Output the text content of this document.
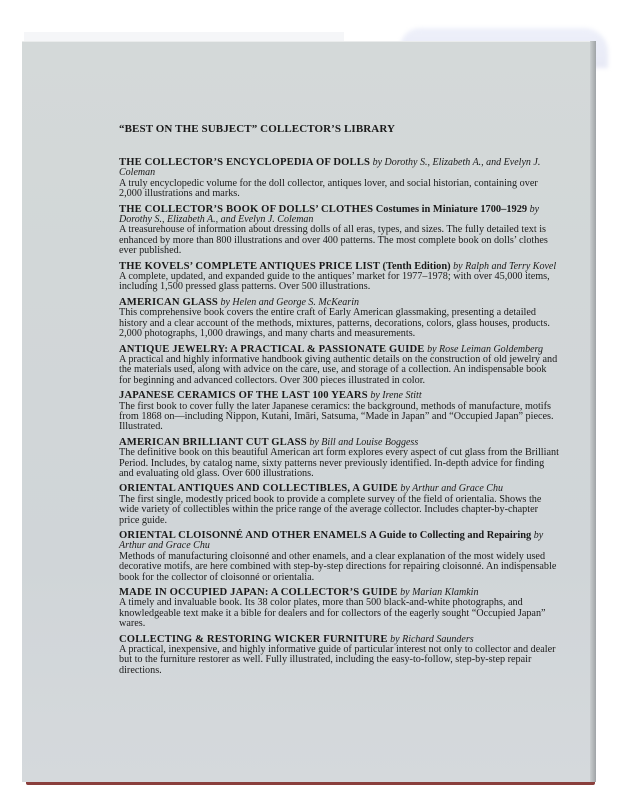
“BEST ON THE SUBJECT” COLLECTOR’S LIBRARY
THE COLLECTOR’S ENCYCLOPEDIA OF DOLLS by Dorothy S., Elizabeth A., and Evelyn J. Coleman
A truly encyclopedic volume for the doll collector, antiques lover, and social historian, containing over 2,000 illustrations and marks.
THE COLLECTOR’S BOOK OF DOLLS’ CLOTHES Costumes in Miniature 1700–1929 by Dorothy S., Elizabeth A., and Evelyn J. Coleman
A treasurehouse of information about dressing dolls of all eras, types, and sizes. The fully detailed text is enhanced by more than 800 illustrations and over 400 patterns. The most complete book on dolls’ clothes ever published.
THE KOVELS’ COMPLETE ANTIQUES PRICE LIST (Tenth Edition) by Ralph and Terry Kovel
A complete, updated, and expanded guide to the antiques’ market for 1977–1978; with over 45,000 items, including 1,500 pressed glass patterns. Over 500 illustrations.
AMERICAN GLASS by Helen and George S. McKearin
This comprehensive book covers the entire craft of Early American glassmaking, presenting a detailed history and a clear account of the methods, mixtures, patterns, decorations, colors, glass houses, products. 2,000 photographs, 1,000 drawings, and many charts and measurements.
ANTIQUE JEWELRY: A PRACTICAL & PASSIONATE GUIDE by Rose Leiman Goldemberg
A practical and highly informative handbook giving authentic details on the construction of old jewelry and the materials used, along with advice on the care, use, and storage of a collection. An indispensable book for beginning and advanced collectors. Over 300 pieces illustrated in color.
JAPANESE CERAMICS OF THE LAST 100 YEARS by Irene Stitt
The first book to cover fully the later Japanese ceramics: the background, methods of manufacture, motifs from 1868 on—including Nippon, Kutani, Imāri, Satsuma, “Made in Japan” and “Occupied Japan” pieces. Illustrated.
AMERICAN BRILLIANT CUT GLASS by Bill and Louise Boggess
The definitive book on this beautiful American art form explores every aspect of cut glass from the Brilliant Period. Includes, by catalog name, sixty patterns never previously identified. In-depth advice for finding and evaluating old glass. Over 600 illustrations.
ORIENTAL ANTIQUES AND COLLECTIBLES, A GUIDE by Arthur and Grace Chu
The first single, modestly priced book to provide a complete survey of the field of orientalia. Shows the wide variety of collectibles within the price range of the average collector. Includes chapter-by-chapter price guide.
ORIENTAL CLOISONNÉ AND OTHER ENAMELS A Guide to Collecting and Repairing by Arthur and Grace Chu
Methods of manufacturing cloisonné and other enamels, and a clear explanation of the most widely used decorative motifs, are here combined with step-by-step directions for repairing cloisonné. An indispensable book for the collector of cloisonné or orientalia.
MADE IN OCCUPIED JAPAN: A COLLECTOR’S GUIDE by Marian Klamkin
A timely and invaluable book. Its 38 color plates, more than 500 black-and-white photographs, and knowledgeable text make it a bible for dealers and for collectors of the eagerly sought “Occupied Japan” wares.
COLLECTING & RESTORING WICKER FURNITURE by Richard Saunders
A practical, inexpensive, and highly informative guide of particular interest not only to collector and dealer but to the furniture restorer as well. Fully illustrated, including the easy-to-follow, step-by-step repair directions.
